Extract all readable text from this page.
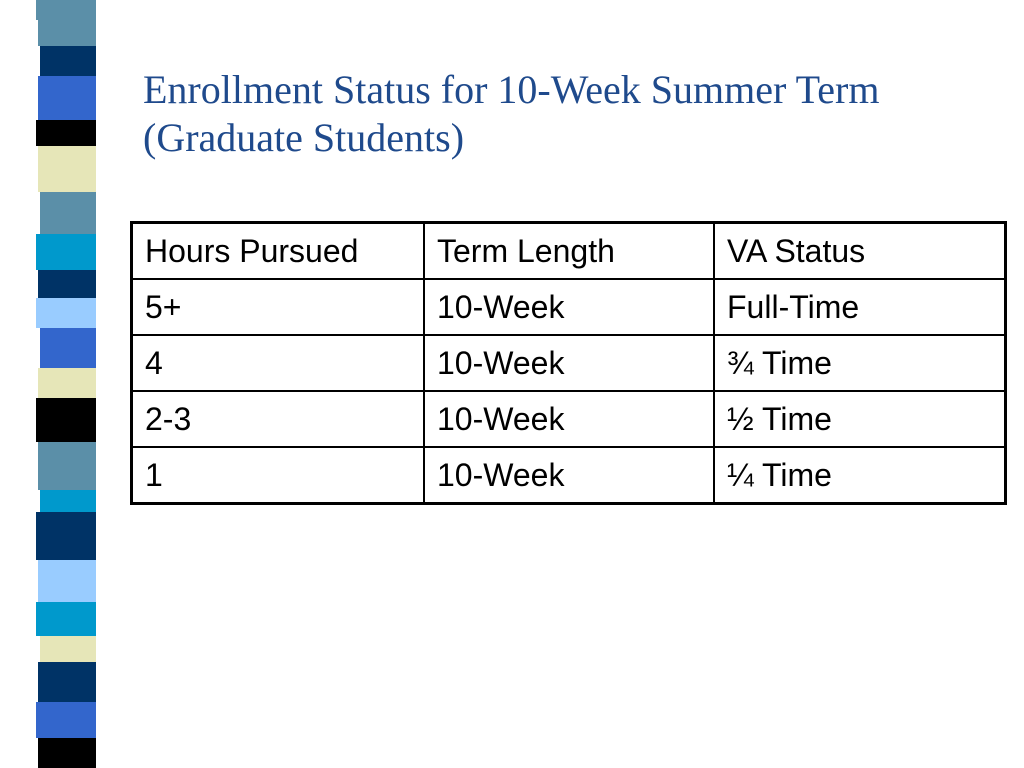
Enrollment Status for 10-Week Summer Term
(Graduate Students)
Hours Pursued	Term Length	VA Status
5+	10-Week	Full-Time
4	10-Week	¾ Time
2-3	10-Week	½ Time
1	10-Week	¼ Time
